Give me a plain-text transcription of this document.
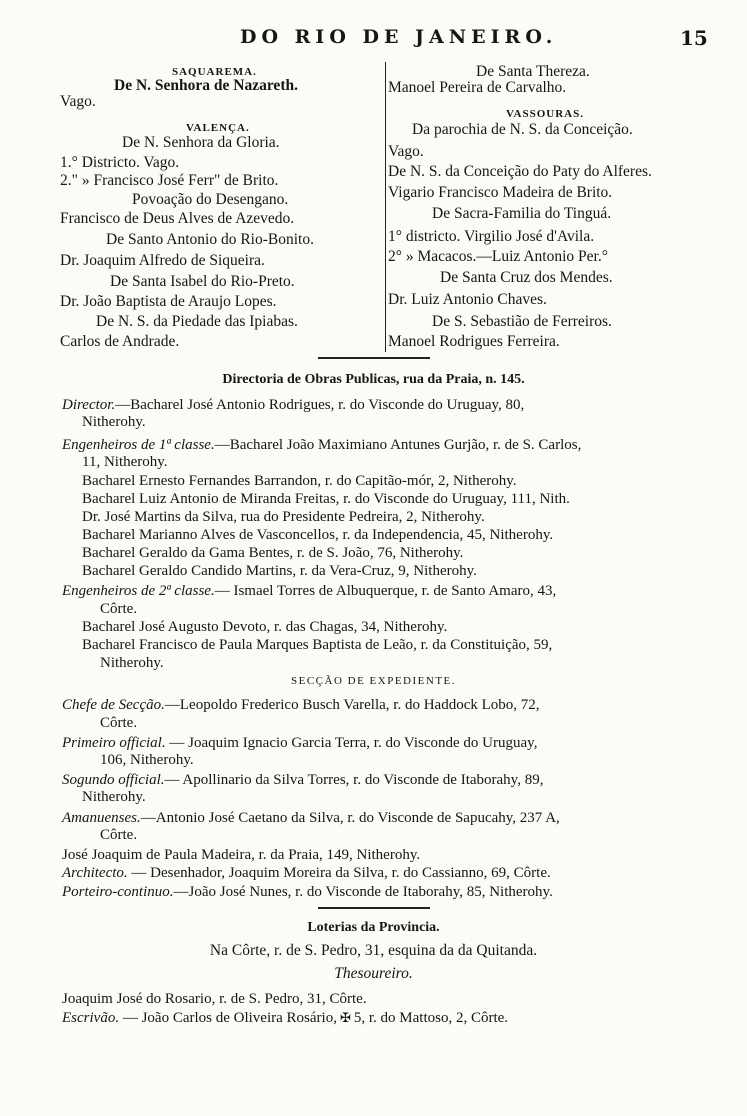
DO RIO DE JANEIRO.	15
SAQUAREMA.
De N. Senhora de Nazareth.
Vago.
VALENÇA.
De N. Senhora da Gloria.
1.° Districto. Vago.
2." » Francisco José Ferr" de Brito.
Povoação do Desengano.
Francisco de Deus Alves de Azevedo.
De Santo Antonio do Rio-Bonito.
Dr. Joaquim Alfredo de Siqueira.
De Santa Isabel do Rio-Preto.
Dr. João Baptista de Araujo Lopes.
De N. S. da Piedade das Ipiabas.
Carlos de Andrade.
De Santa Thereza.
Manoel Pereira de Carvalho.
VASSOURAS.
Da parochia de N. S. da Conceição.
Vago.
De N. S. da Conceição do Paty do Alferes.
Vigario Francisco Madeira de Brito.
De Sacra-Familia do Tinguá.
1° districto. Virgilio José d'Avila.
2° » Macacos.—Luiz Antonio Per.°
De Santa Cruz dos Mendes.
Dr. Luiz Antonio Chaves.
De S. Sebastião de Ferreiros.
Manoel Rodrigues Ferreira.
Directoria de Obras Publicas, rua da Praia, n. 145.
Director.—Bacharel José Antonio Rodrigues, r. do Visconde do Uruguay, 80,
Nitherohy.
Engenheiros de 1ª classe.—Bacharel João Maximiano Antunes Gurjão, r. de S. Carlos,
11, Nitherohy.
Bacharel Ernesto Fernandes Barrandon, r. do Capitão-mór, 2, Nitherohy.
Bacharel Luiz Antonio de Miranda Freitas, r. do Visconde do Uruguay, 111, Nith.
Dr. José Martins da Silva, rua do Presidente Pedreira, 2, Nitherohy.
Bacharel Marianno Alves de Vasconcellos, r. da Independencia, 45, Nitherohy.
Bacharel Geraldo da Gama Bentes, r. de S. João, 76, Nitherohy.
Bacharel Geraldo Candido Martins, r. da Vera-Cruz, 9, Nitherohy.
Engenheiros de 2ª classe.— Ismael Torres de Albuquerque, r. de Santo Amaro, 43,
Côrte.
Bacharel José Augusto Devoto, r. das Chagas, 34, Nitherohy.
Bacharel Francisco de Paula Marques Baptista de Leão, r. da Constituição, 59,
Nitherohy.
SECÇÃO DE EXPEDIENTE.
Chefe de Secção.—Leopoldo Frederico Busch Varella, r. do Haddock Lobo, 72,
Côrte.
Primeiro official. — Joaquim Ignacio Garcia Terra, r. do Visconde do Uruguay,
106, Nitherohy.
Sogundo official.— Apollinario da Silva Torres, r. do Visconde de Itaborahy, 89,
Nitherohy.
Amanuenses.—Antonio José Caetano da Silva, r. do Visconde de Sapucahy, 237 A,
Côrte.
José Joaquim de Paula Madeira, r. da Praia, 149, Nitherohy.
Architecto. — Desenhador, Joaquim Moreira da Silva, r. do Cassianno, 69, Côrte.
Porteiro-continuo.—João José Nunes, r. do Visconde de Itaborahy, 85, Nitherohy.
Loterias da Provincia.
Na Côrte, r. de S. Pedro, 31, esquina da da Quitanda.
Thesoureiro.
Joaquim José do Rosario, r. de S. Pedro, 31, Côrte.
Escrivão. — João Carlos de Oliveira Rosário, ✠ 5, r. do Mattoso, 2, Côrte.
